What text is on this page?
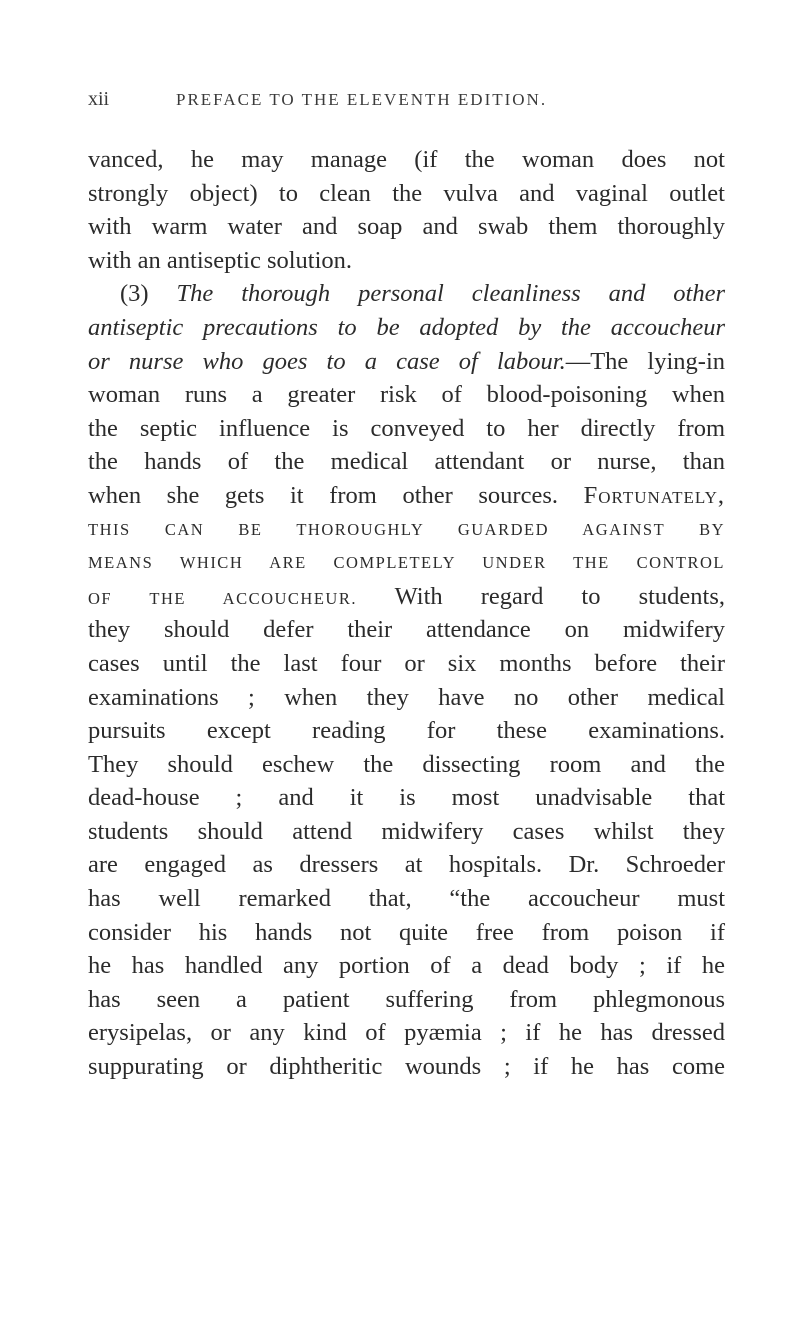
xii	PREFACE TO THE ELEVENTH EDITION.
vanced, he may manage (if the woman does not
strongly object) to clean the vulva and vaginal outlet
with warm water and soap and swab them thoroughly
with an antiseptic solution.
(3) The thorough personal cleanliness and other
antiseptic precautions to be adopted by the accoucheur
or nurse who goes to a case of labour.—The lying-in
woman runs a greater risk of blood-poisoning when
the septic influence is conveyed to her directly from
the hands of the medical attendant or nurse, than
when she gets it from other sources. Fortunately,
THIS CAN BE THOROUGHLY GUARDED AGAINST BY
MEANS WHICH ARE COMPLETELY UNDER THE CONTROL
OF THE ACCOUCHEUR. With regard to students,
they should defer their attendance on midwifery
cases until the last four or six months before their
examinations ; when they have no other medical
pursuits except reading for these examinations.
They should eschew the dissecting room and the
dead-house ; and it is most unadvisable that
students should attend midwifery cases whilst they
are engaged as dressers at hospitals. Dr. Schroeder
has well remarked that, “the accoucheur must
consider his hands not quite free from poison if
he has handled any portion of a dead body ; if he
has seen a patient suffering from phlegmonous
erysipelas, or any kind of pyæmia ; if he has dressed
suppurating or diphtheritic wounds ; if he has come
